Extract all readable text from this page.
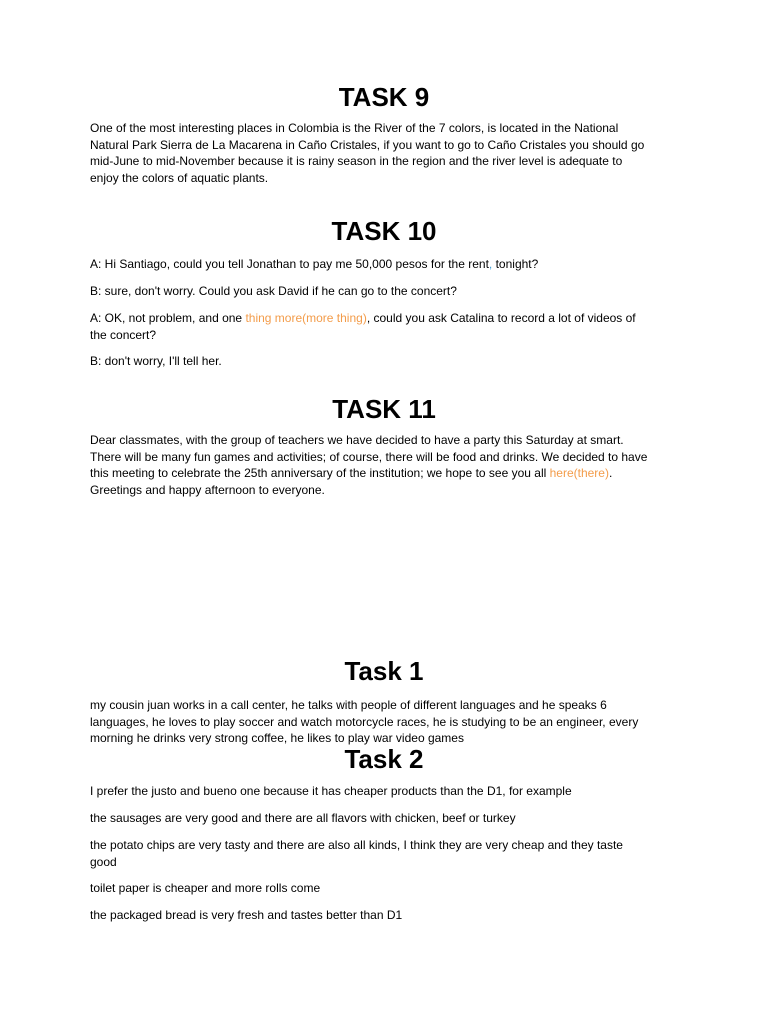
TASK 9

One of the most interesting places in Colombia is the River of the 7 colors, is located in the National
Natural Park Sierra de La Macarena in Caño Cristales, if you want to go to Caño Cristales you should go
mid-June to mid-November because it is rainy season in the region and the river level is adequate to
enjoy the colors of aquatic plants.

TASK 10

A: Hi Santiago, could you tell Jonathan to pay me 50,000 pesos for the rent, tonight?

B: sure, don't worry. Could you ask David if he can go to the concert?

A: OK, not problem, and one thing more(more thing), could you ask Catalina to record a lot of videos of
the concert?

B: don't worry, I'll tell her.

TASK 11

Dear classmates, with the group of teachers we have decided to have a party this Saturday at smart.
There will be many fun games and activities; of course, there will be food and drinks. We decided to have
this meeting to celebrate the 25th anniversary of the institution; we hope to see you all here(there).
Greetings and happy afternoon to everyone.

Task 1

my cousin juan works in a call center, he talks with people of different languages and he speaks 6
languages, he loves to play soccer and watch motorcycle races, he is studying to be an engineer, every
morning he drinks very strong coffee, he likes to play war video games

Task 2

I prefer the justo and bueno one because it has cheaper products than the D1, for example

the sausages are very good and there are all flavors with chicken, beef or turkey

the potato chips are very tasty and there are also all kinds, I think they are very cheap and they taste
good

toilet paper is cheaper and more rolls come

the packaged bread is very fresh and tastes better than D1
